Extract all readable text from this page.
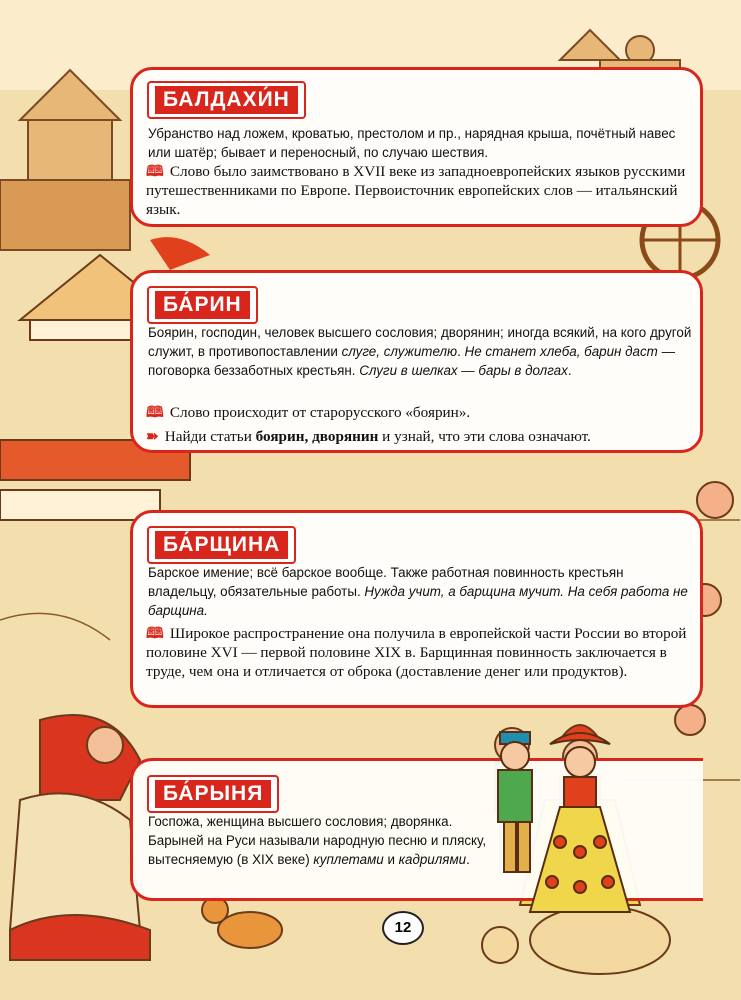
БАЛДАХИ́Н

Убранство над ложем, кроватью, престолом и пр., нарядная крыша, почётный навес или шатёр; бывает и переносный, по случаю шествия.

🕮 Слово было заимствовано в XVII веке из западноевропейских языков русскими путешественниками по Европе. Первоисточник европейских слов — итальянский язык.

БА́РИН

Боярин, господин, человек высшего сословия; дворянин; иногда всякий, на кого другой служит, в противопоставлении слуге, служителю. Не станет хлеба, барин даст — поговорка беззаботных крестьян. Слуги в шелках — бары в долгах.

🕮 Слово происходит от старорусского «боярин».

➽ Найди статьи боярин, дворянин и узнай, что эти слова означают.

БА́РЩИНА

Барское имение; всё барское вообще. Также работная повинность крестьян владельцу, обязательные работы. Нужда учит, а барщина мучит. На себя работа не барщина.

🕮 Широкое распространение она получила в европейской части России во второй половине XVI — первой половине XIX в. Барщинная повинность заключается в труде, чем она и отличается от оброка (доставление денег или продуктов).

БА́РЫНЯ

Госпожа, женщина высшего сословия; дворянка. Барыней на Руси называли народную песню и пляску, вытесняемую (в XIX веке) куплетами и кадрилями.

12
